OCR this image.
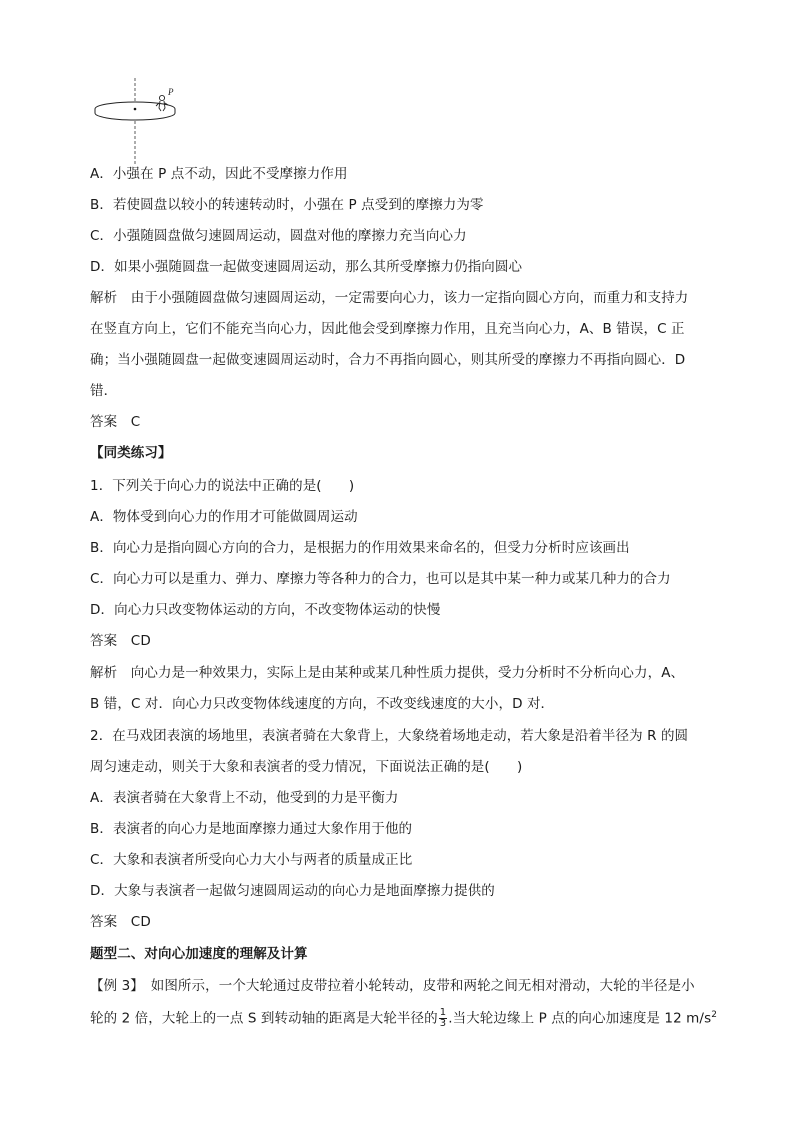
P
A．小强在 P 点不动，因此不受摩擦力作用
B．若使圆盘以较小的转速转动时，小强在 P 点受到的摩擦力为零
C．小强随圆盘做匀速圆周运动，圆盘对他的摩擦力充当向心力
D．如果小强随圆盘一起做变速圆周运动，那么其所受摩擦力仍指向圆心
解析　由于小强随圆盘做匀速圆周运动，一定需要向心力，该力一定指向圆心方向，而重力和支持力
在竖直方向上，它们不能充当向心力，因此他会受到摩擦力作用，且充当向心力，A、B 错误，C 正
确；当小强随圆盘一起做变速圆周运动时，合力不再指向圆心，则其所受的摩擦力不再指向圆心．D
错．
答案　C
【同类练习】
1．下列关于向心力的说法中正确的是(　　)
A．物体受到向心力的作用才可能做圆周运动
B．向心力是指向圆心方向的合力，是根据力的作用效果来命名的，但受力分析时应该画出
C．向心力可以是重力、弹力、摩擦力等各种力的合力，也可以是其中某一种力或某几种力的合力
D．向心力只改变物体运动的方向，不改变物体运动的快慢
答案　CD
解析　向心力是一种效果力，实际上是由某种或某几种性质力提供，受力分析时不分析向心力，A、
B 错，C 对．向心力只改变物体线速度的方向，不改变线速度的大小，D 对．
2．在马戏团表演的场地里，表演者骑在大象背上，大象绕着场地走动，若大象是沿着半径为 R 的圆
周匀速走动，则关于大象和表演者的受力情况，下面说法正确的是(　　)
A．表演者骑在大象背上不动，他受到的力是平衡力
B．表演者的向心力是地面摩擦力通过大象作用于他的
C．大象和表演者所受向心力大小与两者的质量成正比
D．大象与表演者一起做匀速圆周运动的向心力是地面摩擦力提供的
答案　CD
题型二、对向心加速度的理解及计算
【例 3】　如图所示，一个大轮通过皮带拉着小轮转动，皮带和两轮之间无相对滑动，大轮的半径是小
轮的 2 倍，大轮上的一点 S 到转动轴的距离是大轮半径的 $\frac{1}{3}$ .当大轮边缘上 P 点的向心加速度是 12 $m/s^2$
